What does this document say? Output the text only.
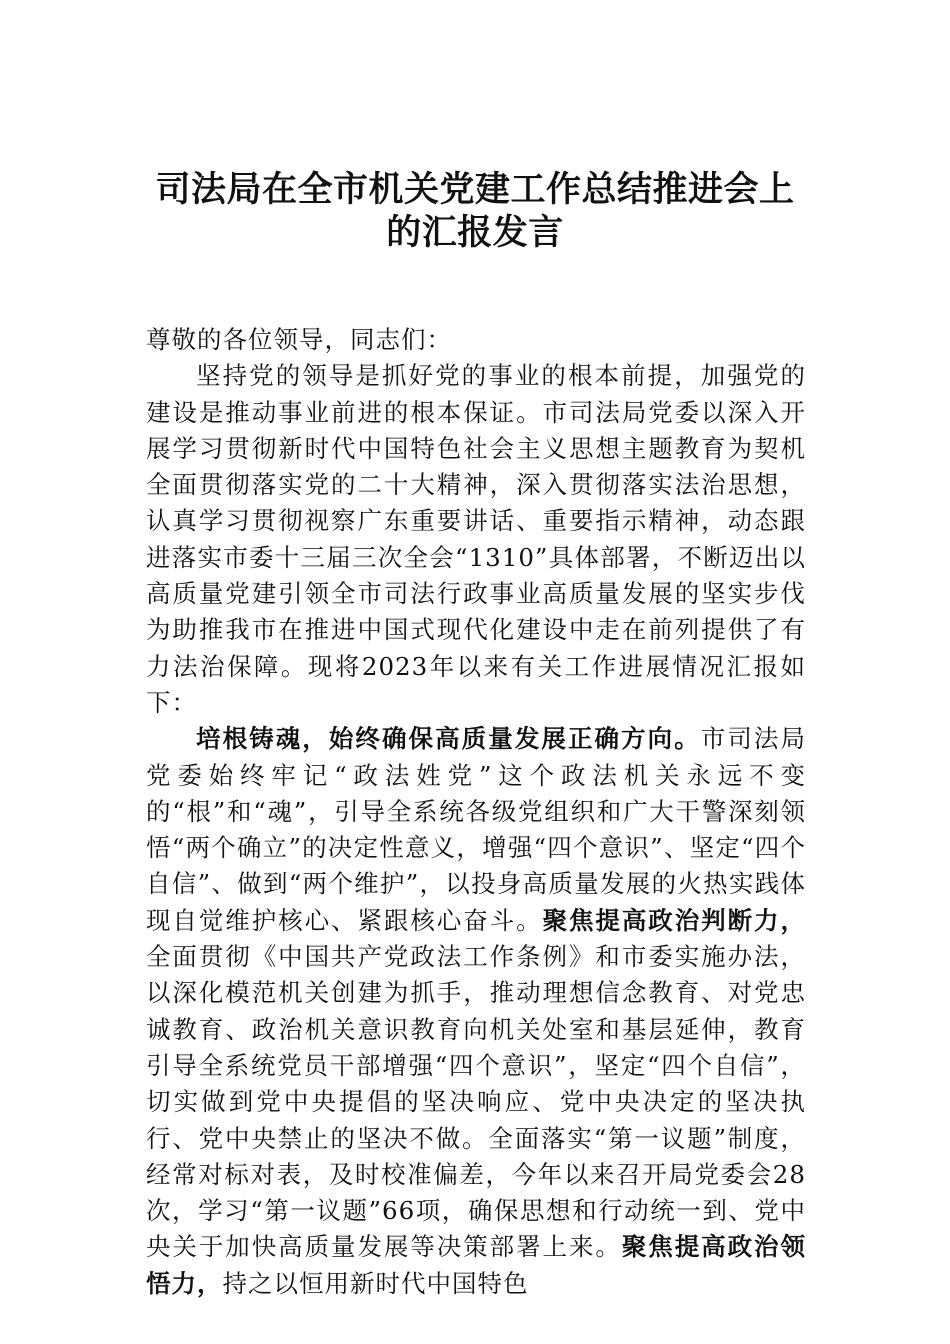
司法局在全市机关党建工作总结推进会上
的汇报发言

尊敬的各位领导，同志们：

坚持党的领导是抓好党的事业的根本前提，加强党的建设是推动事业前进的根本保证。市司法局党委以深入开展学习贯彻新时代中国特色社会主义思想主题教育为契机全面贯彻落实党的二十大精神，深入贯彻落实法治思想，认真学习贯彻视察广东重要讲话、重要指示精神，动态跟进落实市委十三届三次全会“1310”具体部署，不断迈出以高质量党建引领全市司法行政事业高质量发展的坚实步伐为助推我市在推进中国式现代化建设中走在前列提供了有力法治保障。现将2023年以来有关工作进展情况汇报如下：

培根铸魂，始终确保高质量发展正确方向。市司法局党委始终牢记“政法姓党”这个政法机关永远不变的“根”和“魂”，引导全系统各级党组织和广大干警深刻领悟“两个确立”的决定性意义，增强“四个意识”、坚定“四个自信”、做到“两个维护”，以投身高质量发展的火热实践体现自觉维护核心、紧跟核心奋斗。聚焦提高政治判断力，全面贯彻《中国共产党政法工作条例》和市委实施办法，以深化模范机关创建为抓手，推动理想信念教育、对党忠诚教育、政治机关意识教育向机关处室和基层延伸，教育引导全系统党员干部增强“四个意识”，坚定“四个自信”，切实做到党中央提倡的坚决响应、党中央决定的坚决执行、党中央禁止的坚决不做。全面落实“第一议题”制度，经常对标对表，及时校准偏差，今年以来召开局党委会28次，学习“第一议题”66项，确保思想和行动统一到、党中央关于加快高质量发展等决策部署上来。聚焦提高政治领悟力，持之以恒用新时代中国特色
